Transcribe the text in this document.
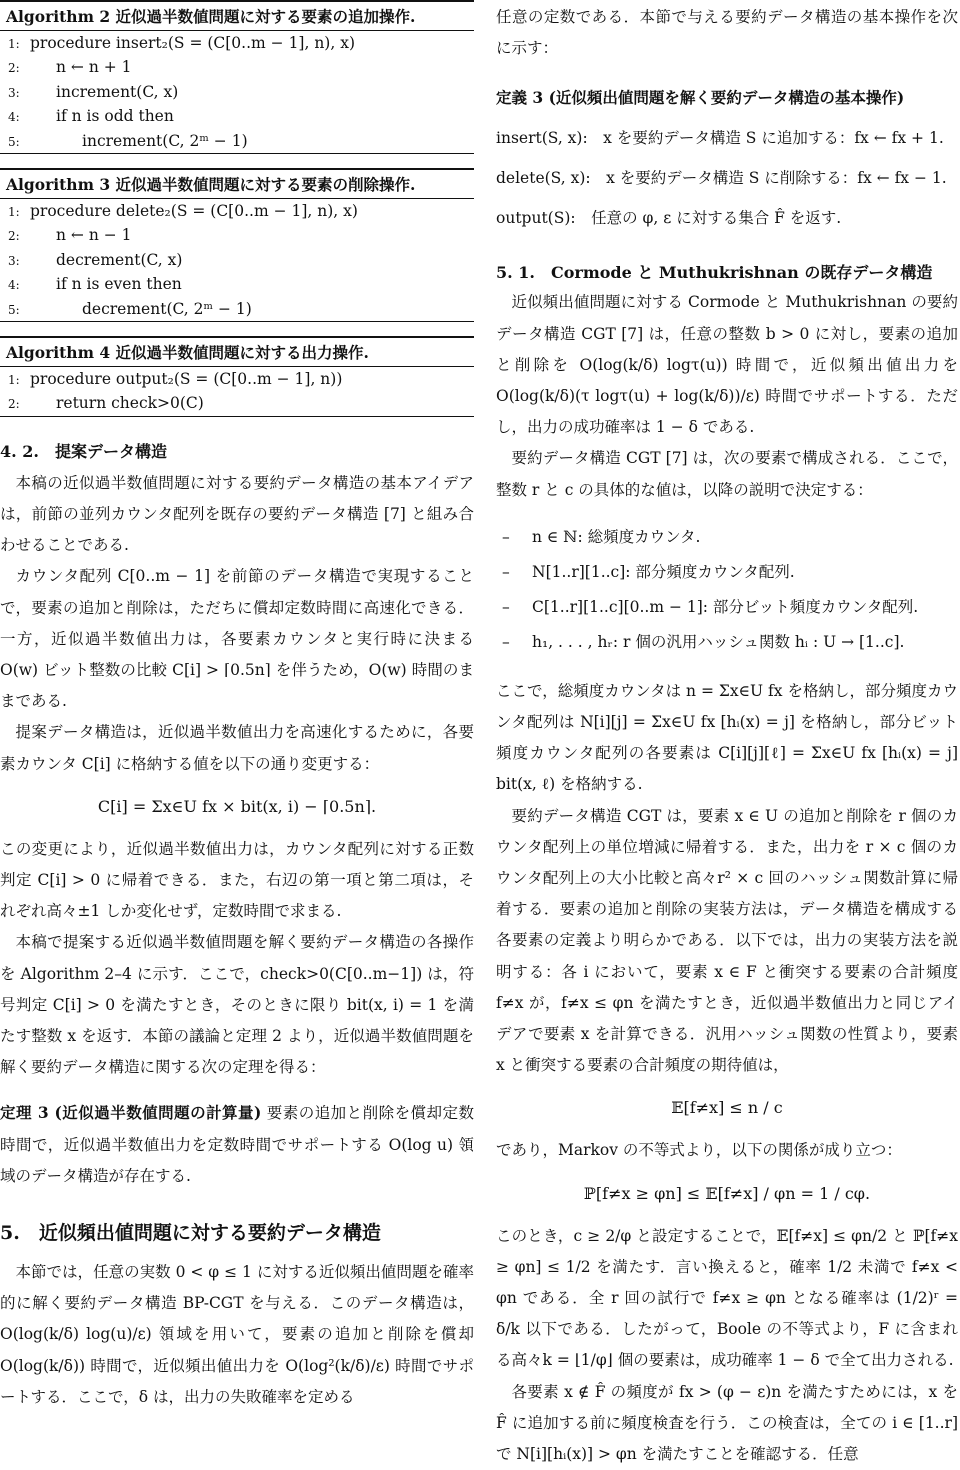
Algorithm 2 近似過半数値問題に対する要素の追加操作.
1: procedure insert₂(S = (C[0..m − 1], n), x)
2: n ← n + 1
3: increment(C, x)
4: if n is odd then
5:	increment(C, 2ᵐ − 1)
Algorithm 3 近似過半数値問題に対する要素の削除操作.
1: procedure delete₂(S = (C[0..m − 1], n), x)
2: n ← n − 1
3: decrement(C, x)
4: if n is even then
5:	decrement(C, 2ᵐ − 1)
Algorithm 4 近似過半数値問題に対する出力操作.
1: procedure output₂(S = (C[0..m − 1], n))
2: return check>0(C)
4. 2.　提案データ構造

本稿の近似過半数値問題に対する要約データ構造の基本アイデアは，前節の並列カウンタ配列を既存の要約データ構造 [7] と組み合わせることである.

カウンタ配列 C[0..m − 1] を前節のデータ構造で実現することで，要素の追加と削除は，ただちに償却定数時間に高速化できる．一方，近似過半数値出力は，各要素カウンタと実行時に決まる O(w) ビット整数の比較 C[i] > ⌈0.5n⌉ を伴うため，O(w) 時間のままである.

提案データ構造は，近似過半数値出力を高速化するために，各要素カウンタ C[i] に格納する値を以下の通り変更する：

C[i] = Σx∈U fx × bit(x, i) − ⌈0.5n⌉.

この変更により，近似過半数値出力は，カウンタ配列に対する正数判定 C[i] > 0 に帰着できる．また，右辺の第一項と第二項は，それぞれ高々±1 しか変化せず，定数時間で求まる.

本稿で提案する近似過半数値問題を解く要約データ構造の各操作を Algorithm 2–4 に示す．ここで，check>0(C[0..m−1]) は，符号判定 C[i] > 0 を満たすとき，そのときに限り bit(x, i) = 1 を満たす整数 x を返す．本節の議論と定理 2 より，近似過半数値問題を解く要約データ構造に関する次の定理を得る：

定理 3 (近似過半数値問題の計算量) 要素の追加と削除を償却定数時間で，近似過半数値出力を定数時間でサポートする O(log u) 領域のデータ構造が存在する.
5.　近似頻出値問題に対する要約データ構造

本節では，任意の実数 0 < φ ≤ 1 に対する近似頻出値問題を確率的に解く要約データ構造 BP-CGT を与える．このデータ構造は，O(log(k/δ) log(u)/ε) 領域を用いて，要素の追加と削除を償却 O(log(k/δ)) 時間で，近似頻出値出力を O(log²(k/δ)/ε) 時間でサポートする．ここで，δ は，出力の失敗確率を定める

任意の定数である．本節で与える要約データ構造の基本操作を次に示す：

定義 3 (近似頻出値問題を解く要約データ構造の基本操作)
insert(S, x):　x を要約データ構造 S に追加する：fx ← fx + 1.
delete(S, x):　x を要約データ構造 S に削除する：fx ← fx − 1.
output(S):　任意の φ, ε に対する集合 F̂ を返す.
5. 1.　Cormode と Muthukrishnan の既存データ構造

近似頻出値問題に対する Cormode と Muthukrishnan の要約データ構造 CGT [7] は，任意の整数 b > 0 に対し，要素の追加と削除を O(log(k/δ) logτ(u)) 時間で，近似頻出値出力を O(log(k/δ)(τ logτ(u) + log(k/δ))/ε) 時間でサポートする．ただし，出力の成功確率は 1 − δ である.

要約データ構造 CGT [7] は，次の要素で構成される．ここで，整数 r と c の具体的な値は，以降の説明で決定する：

– n ∈ ℕ: 総頻度カウンタ.
– N[1..r][1..c]: 部分頻度カウンタ配列.
– C[1..r][1..c][0..m − 1]: 部分ビット頻度カウンタ配列.
– h₁, . . . , hᵣ: r 個の汎用ハッシュ関数 hᵢ : U → [1..c].

ここで，総頻度カウンタは n = Σx∈U fx を格納し，部分頻度カウンタ配列は N[i][j] = Σx∈U fx [hᵢ(x) = j] を格納し，部分ビット頻度カウンタ配列の各要素は C[i][j][ℓ] = Σx∈U fx [hᵢ(x) = j] bit(x, ℓ) を格納する.

要約データ構造 CGT は，要素 x ∈ U の追加と削除を r 個のカウンタ配列上の単位増減に帰着する．また，出力を r × c 個のカウンタ配列上の大小比較と高々r² × c 回のハッシュ関数計算に帰着する．要素の追加と削除の実装方法は，データ構造を構成する各要素の定義より明らかである．以下では，出力の実装方法を説明する：各 i において，要素 x ∈ F と衝突する要素の合計頻度 f≠x が，f≠x ≤ φn を満たすとき，近似過半数値出力と同じアイデアで要素 x を計算できる．汎用ハッシュ関数の性質より，要素 x と衝突する要素の合計頻度の期待値は，

𝔼[f≠x] ≤ n / c

であり，Markov の不等式より，以下の関係が成り立つ：

ℙ[f≠x ≥ φn] ≤ 𝔼[f≠x] / φn = 1 / cφ.

このとき，c ≥ 2/φ と設定することで，𝔼[f≠x] ≤ φn/2 と ℙ[f≠x ≥ φn] ≤ 1/2 を満たす．言い換えると，確率 1/2 未満で f≠x < φn である．全 r 回の試行で f≠x ≥ φn となる確率は (1/2)ʳ = δ/k 以下である．したがって，Boole の不等式より，F に含まれる高々k = ⌊1/φ⌋ 個の要素は，成功確率 1 − δ で全て出力される.

各要素 x ∉ F̂ の頻度が fx > (φ − ε)n を満たすためには，x を F̂ に追加する前に頻度検査を行う．この検査は，全ての i ∈ [1..r] で N[i][hᵢ(x)] > φn を満たすことを確認する．任意
